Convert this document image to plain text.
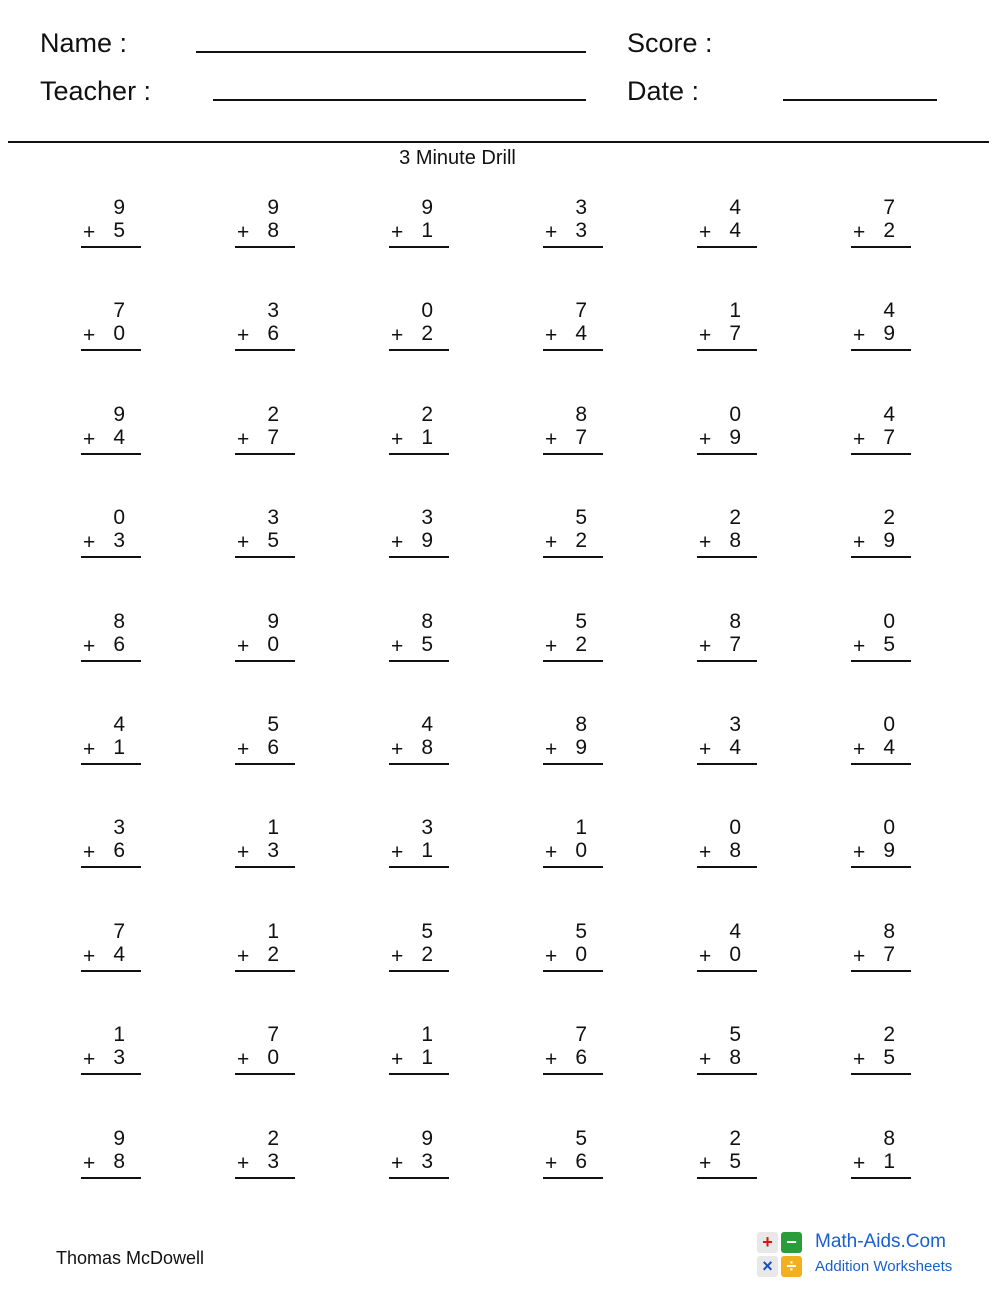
Name :
Teacher :
Score :
Date :
3 Minute Drill
9
+ 5
9
+ 8
9
+ 1
3
+ 3
4
+ 4
7
+ 2
7
+ 0
3
+ 6
0
+ 2
7
+ 4
1
+ 7
4
+ 9
9
+ 4
2
+ 7
2
+ 1
8
+ 7
0
+ 9
4
+ 7
0
+ 3
3
+ 5
3
+ 9
5
+ 2
2
+ 8
2
+ 9
8
+ 6
9
+ 0
8
+ 5
5
+ 2
8
+ 7
0
+ 5
4
+ 1
5
+ 6
4
+ 8
8
+ 9
3
+ 4
0
+ 4
3
+ 6
1
+ 3
3
+ 1
1
+ 0
0
+ 8
0
+ 9
7
+ 4
1
+ 2
5
+ 2
5
+ 0
4
+ 0
8
+ 7
1
+ 3
7
+ 0
1
+ 1
7
+ 6
5
+ 8
2
+ 5
9
+ 8
2
+ 3
9
+ 3
5
+ 6
2
+ 5
8
+ 1
Thomas McDowell
+ −
× ÷
Math-Aids.Com
Addition Worksheets
